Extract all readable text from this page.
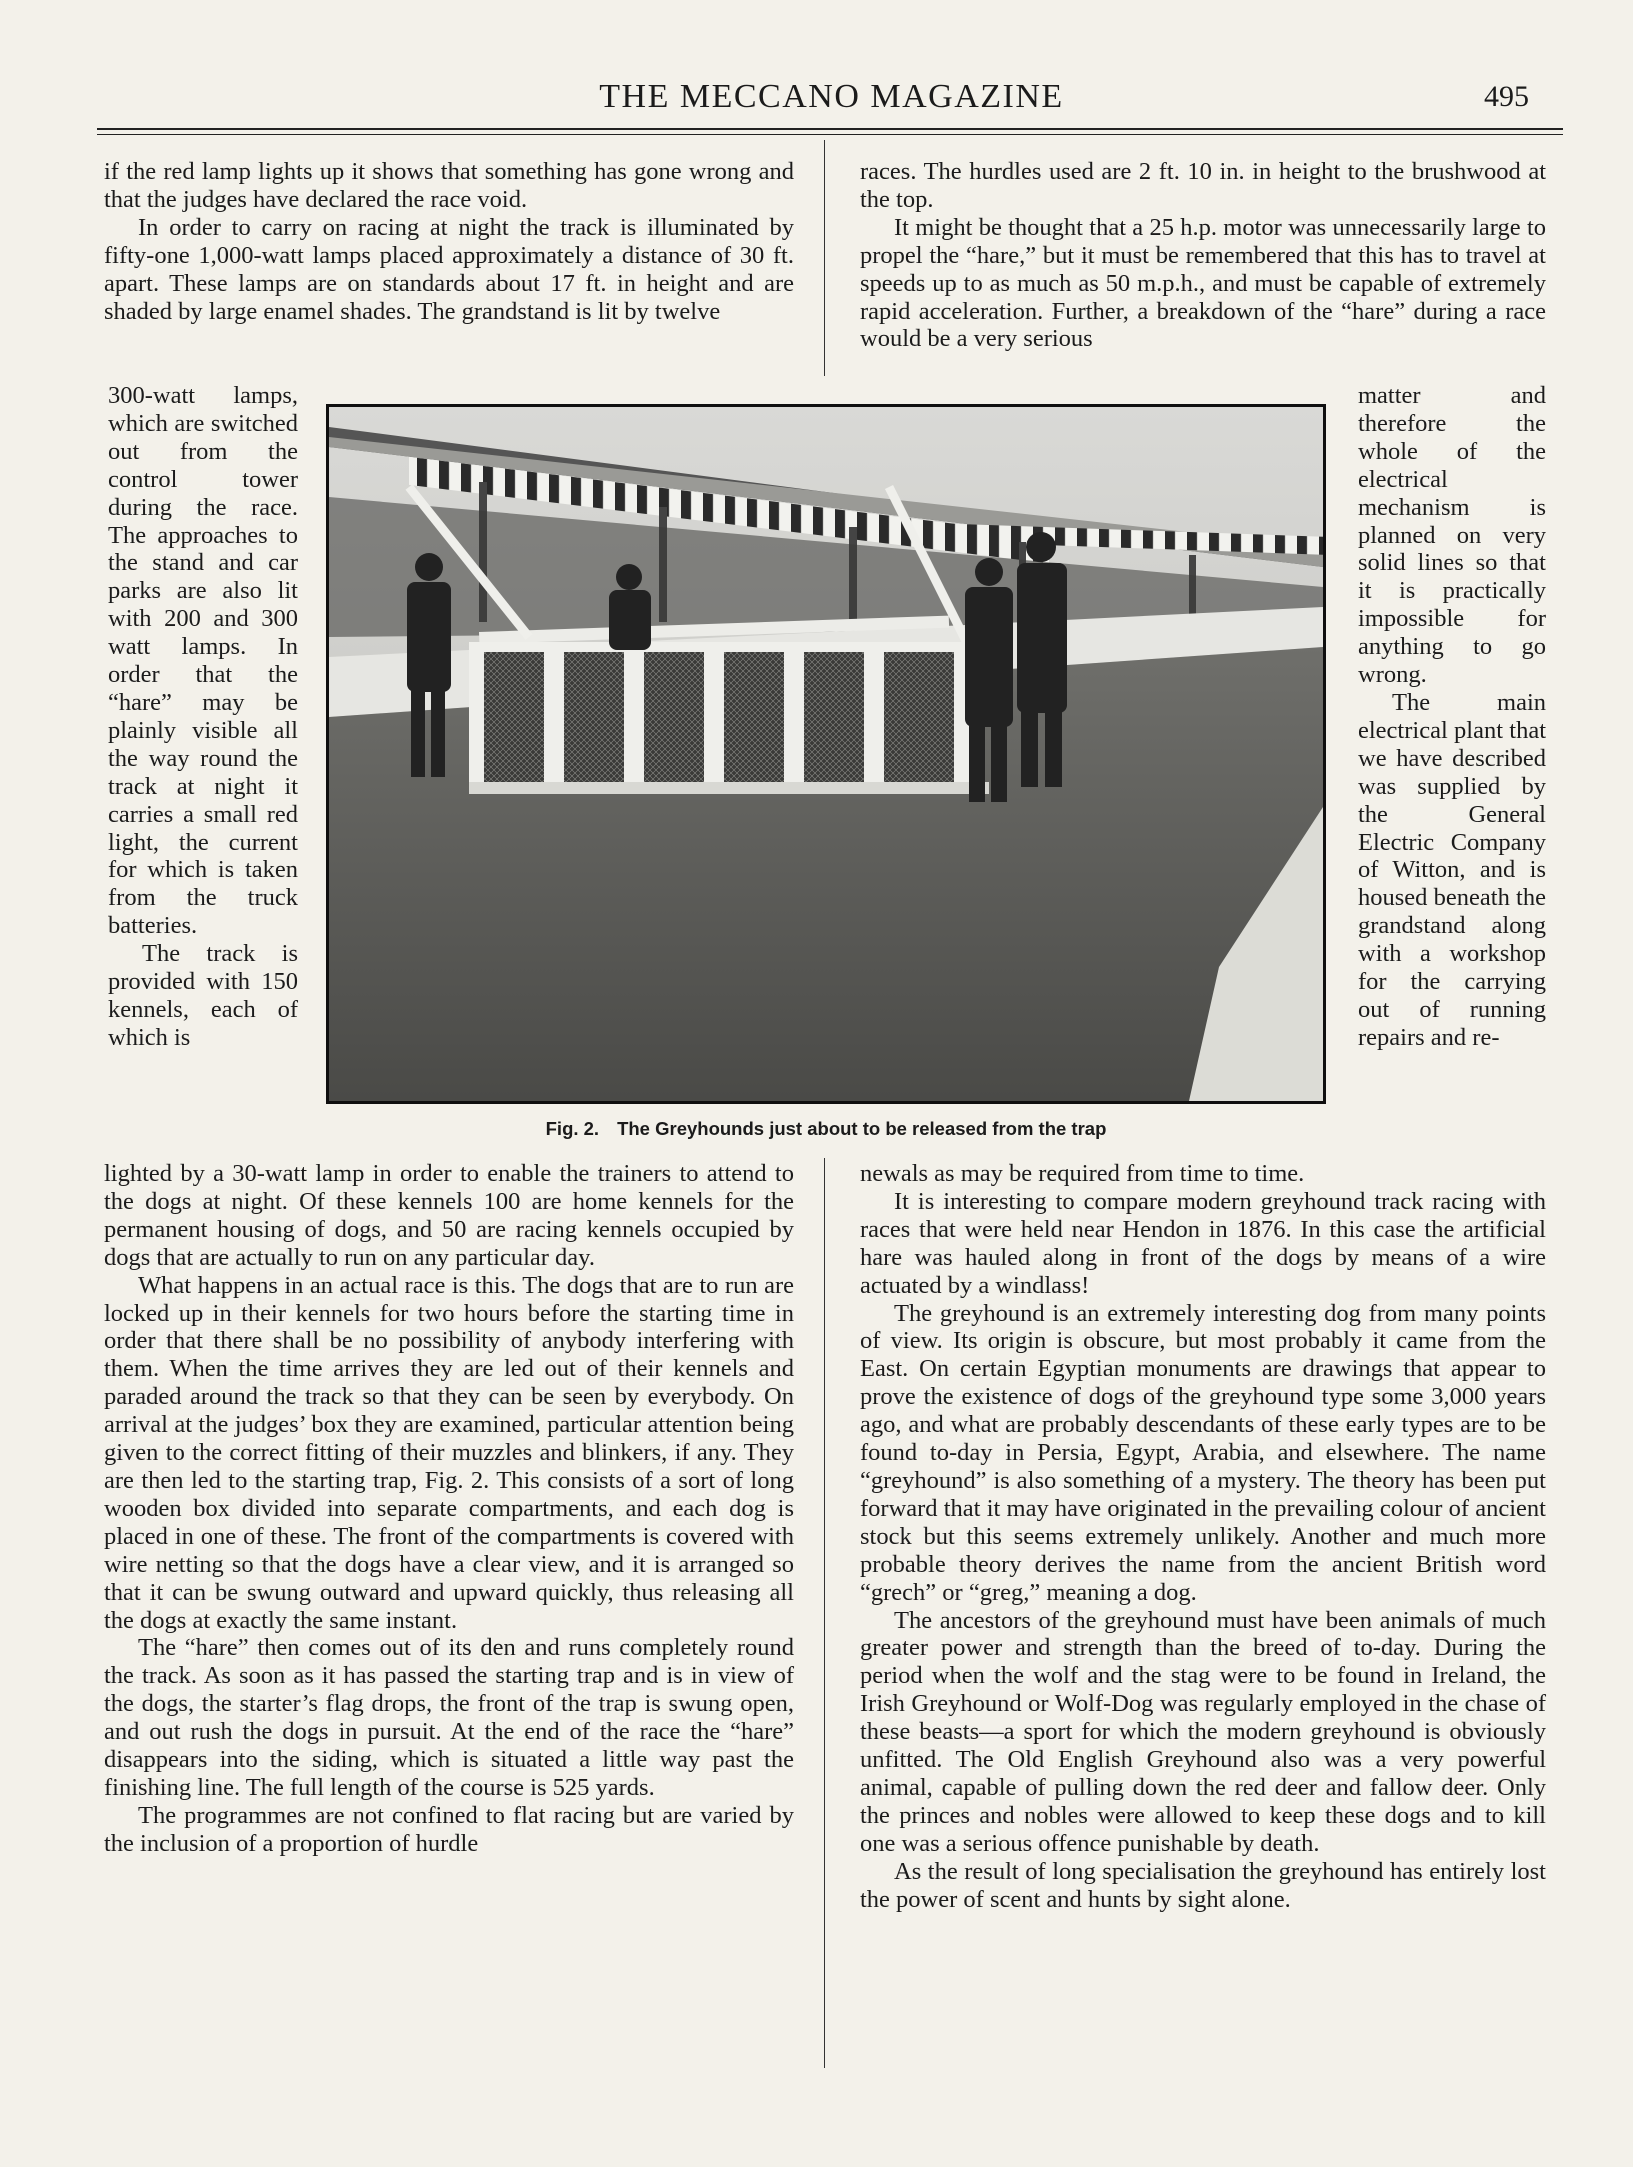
THE MECCANO MAGAZINE	495

if the red lamp lights up it shows that something has gone wrong and that the judges have declared the race void.

In order to carry on racing at night the track is illuminated by fifty-one 1,000-watt lamps placed approximately a distance of 30 ft. apart. These lamps are on standards about 17 ft. in height and are shaded by large enamel shades. The grandstand is lit by twelve

300-watt lamps, which are switched out from the control tower during the race. The approaches to the stand and car parks are also lit with 200 and 300 watt lamps. In order that the “hare” may be plainly visible all the way round the track at night it carries a small red light, the current for which is taken from the truck batteries.

The track is provided with 150 kennels, each of which is

lighted by a 30-watt lamp in order to enable the trainers to attend to the dogs at night. Of these kennels 100 are home kennels for the permanent housing of dogs, and 50 are racing kennels occupied by dogs that are actually to run on any particular day.

What happens in an actual race is this. The dogs that are to run are locked up in their kennels for two hours before the starting time in order that there shall be no possibility of anybody interfering with them. When the time arrives they are led out of their kennels and paraded around the track so that they can be seen by everybody. On arrival at the judges’ box they are examined, particular attention being given to the correct fitting of their muzzles and blinkers, if any. They are then led to the starting trap, Fig. 2. This consists of a sort of long wooden box divided into separate compartments, and each dog is placed in one of these. The front of the compartments is covered with wire netting so that the dogs have a clear view, and it is arranged so that it can be swung outward and upward quickly, thus releasing all the dogs at exactly the same instant.

The “hare” then comes out of its den and runs completely round the track. As soon as it has passed the starting trap and is in view of the dogs, the starter’s flag drops, the front of the trap is swung open, and out rush the dogs in pursuit. At the end of the race the “hare” disappears into the siding, which is situated a little way past the finishing line. The full length of the course is 525 yards.

The programmes are not confined to flat racing but are varied by the inclusion of a proportion of hurdle

races. The hurdles used are 2 ft. 10 in. in height to the brushwood at the top.

It might be thought that a 25 h.p. motor was unnecessarily large to propel the “hare,” but it must be remembered that this has to travel at speeds up to as much as 50 m.p.h., and must be capable of extremely rapid acceleration. Further, a breakdown of the “hare” during a race would be a very serious

matter and therefore the whole of the electrical mechanism is planned on very solid lines so that it is practically impossible for anything to go wrong.

The main electrical plant that we have described was supplied by the General Electric Company of Witton, and is housed beneath the grandstand along with a workshop for the carrying out of running repairs and re-

newals as may be required from time to time.

It is interesting to compare modern greyhound track racing with races that were held near Hendon in 1876. In this case the artificial hare was hauled along in front of the dogs by means of a wire actuated by a windlass!

The greyhound is an extremely interesting dog from many points of view. Its origin is obscure, but most probably it came from the East. On certain Egyptian monuments are drawings that appear to prove the existence of dogs of the greyhound type some 3,000 years ago, and what are probably descendants of these early types are to be found to-day in Persia, Egypt, Arabia, and elsewhere. The name “greyhound” is also something of a mystery. The theory has been put forward that it may have originated in the prevailing colour of ancient stock but this seems extremely unlikely. Another and much more probable theory derives the name from the ancient British word “grech” or “greg,” meaning a dog.

The ancestors of the greyhound must have been animals of much greater power and strength than the breed of to-day. During the period when the wolf and the stag were to be found in Ireland, the Irish Greyhound or Wolf-Dog was regularly employed in the chase of these beasts—a sport for which the modern greyhound is obviously unfitted. The Old English Greyhound also was a very powerful animal, capable of pulling down the red deer and fallow deer. Only the princes and nobles were allowed to keep these dogs and to kill one was a serious offence punishable by death.

As the result of long specialisation the greyhound has entirely lost the power of scent and hunts by sight alone.

Fig. 2. The Greyhounds just about to be released from the trap
